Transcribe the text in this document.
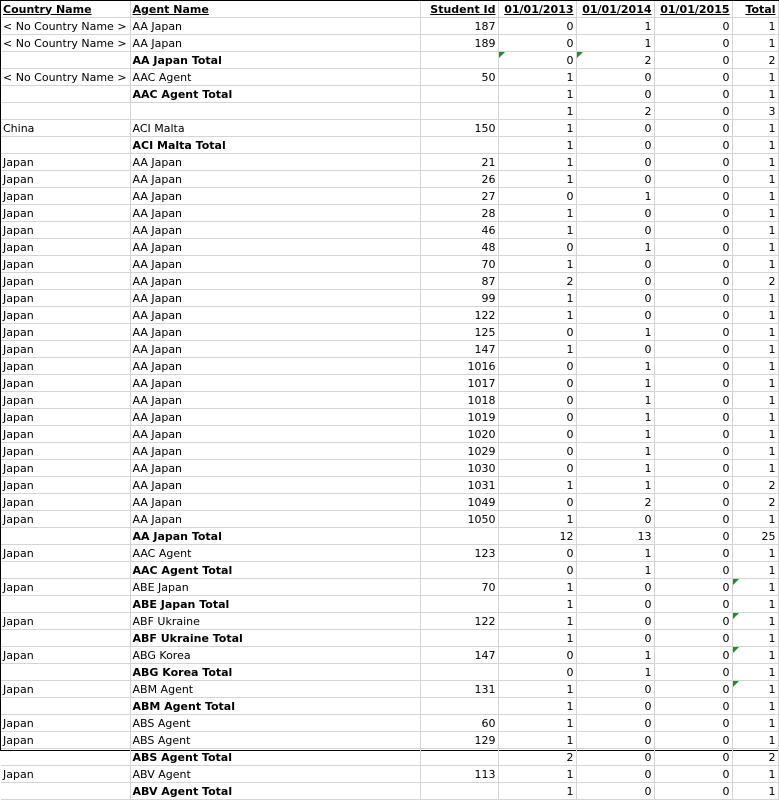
Country Name	Agent Name	Student Id	01/01/2013	01/01/2014	01/01/2015	Total
< No Country Name >	AA Japan	187	0	1	0	1
< No Country Name >	AA Japan	189	0	1	0	1
	AA Japan Total		0	2	0	2
< No Country Name >	AAC Agent	50	1	0	0	1
	AAC Agent Total		1	0	0	1
			1	2	0	3
China	ACI Malta	150	1	0	0	1
	ACI Malta Total		1	0	0	1
Japan	AA Japan	21	1	0	0	1
Japan	AA Japan	26	1	0	0	1
Japan	AA Japan	27	0	1	0	1
Japan	AA Japan	28	1	0	0	1
Japan	AA Japan	46	1	0	0	1
Japan	AA Japan	48	0	1	0	1
Japan	AA Japan	70	1	0	0	1
Japan	AA Japan	87	2	0	0	2
Japan	AA Japan	99	1	0	0	1
Japan	AA Japan	122	1	0	0	1
Japan	AA Japan	125	0	1	0	1
Japan	AA Japan	147	1	0	0	1
Japan	AA Japan	1016	0	1	0	1
Japan	AA Japan	1017	0	1	0	1
Japan	AA Japan	1018	0	1	0	1
Japan	AA Japan	1019	0	1	0	1
Japan	AA Japan	1020	0	1	0	1
Japan	AA Japan	1029	0	1	0	1
Japan	AA Japan	1030	0	1	0	1
Japan	AA Japan	1031	1	1	0	2
Japan	AA Japan	1049	0	2	0	2
Japan	AA Japan	1050	1	0	0	1
	AA Japan Total		12	13	0	25
Japan	AAC Agent	123	0	1	0	1
	AAC Agent Total		0	1	0	1
Japan	ABE Japan	70	1	0	0	1

	ABE Japan Total		1	0	0	1
Japan	ABF Ukraine	122	1	0	0	1

	ABF Ukraine Total		1	0	0	1
Japan	ABG Korea	147	0	1	0	1

	ABG Korea Total		0	1	0	1
Japan	ABM Agent	131	1	0	0	1

	ABM Agent Total		1	0	0	1
Japan	ABS Agent	60	1	0	0	1
Japan	ABS Agent	129	1	0	0	1
	ABS Agent Total		2	0	0	2
Japan	ABV Agent	113	1	0	0	1
	ABV Agent Total		1	0	0	1
